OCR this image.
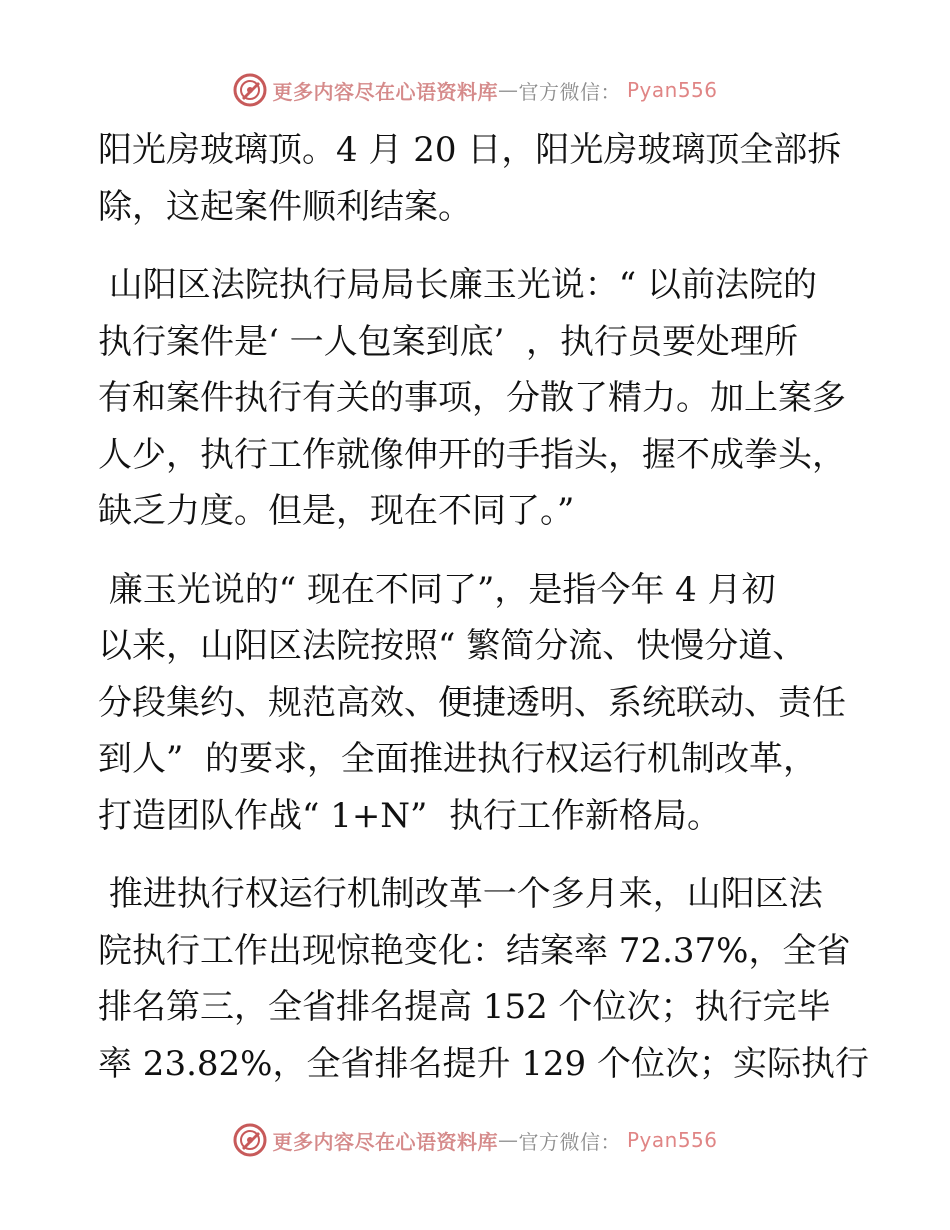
更多内容尽在心语资料库 — 官方微信： Pyan556

阳光房玻璃顶。4 月 20 日，阳光房玻璃顶全部拆

除，这起案件顺利结案。

山阳区法院执行局局长廉玉光说：“ 以前法院的

执行案件是‘ 一人包案到底’  ，执行员要处理所

有和案件执行有关的事项，分散了精力。加上案多

人少，执行工作就像伸开的手指头，握不成拳头，

缺乏力度。但是，现在不同了。”

廉玉光说的“ 现在不同了”，是指今年 4 月初

以来，山阳区法院按照“ 繁简分流、快慢分道、

分段集约、规范高效、便捷透明、系统联动、责任

到人”  的要求，全面推进执行权运行机制改革，

打造团队作战“ 1+N”  执行工作新格局。

推进执行权运行机制改革一个多月来，山阳区法

院执行工作出现惊艳变化：结案率 72.37%，全省

排名第三，全省排名提高 152 个位次；执行完毕

率 23.82%，全省排名提升 129 个位次；实际执行

更多内容尽在心语资料库 — 官方微信： Pyan556
